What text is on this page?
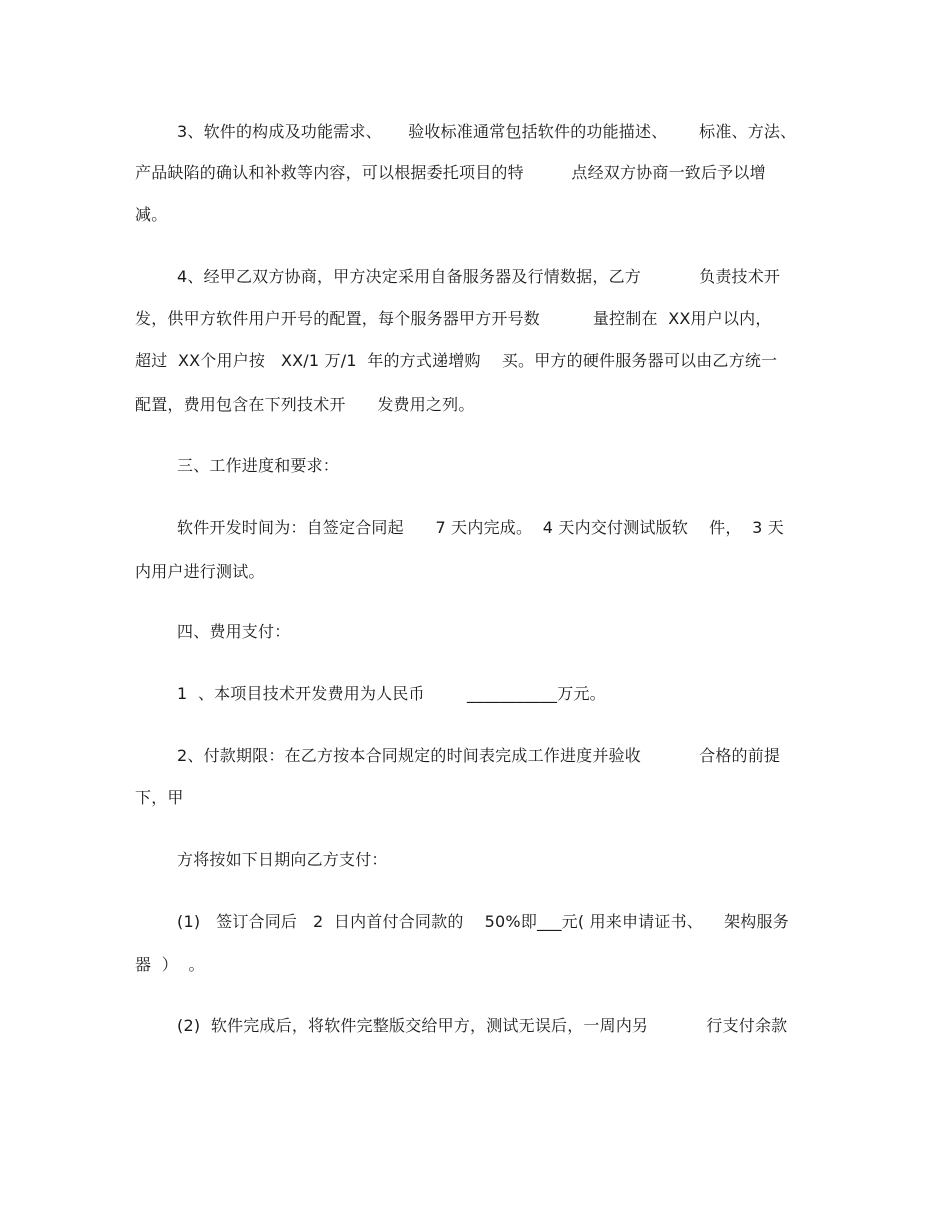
3、软件的构成及功能需求、     验收标准通常包括软件的功能描述、      标准、方法、
产品缺陷的确认和补救等内容，可以根据委托项目的特         点经双方协商一致后予以增
减。
4、经甲乙双方协商，甲方决定采用自备服务器及行情数据，乙方           负责技术开
发，供甲方软件用户开号的配置，每个服务器甲方开号数          量控制在  XX用户以内，
超过  XX个用户按   XX/1 万/1  年的方式递增购    买。甲方的硬件服务器可以由乙方统一
配置，费用包含在下列技术开      发费用之列。
三、工作进度和要求：
软件开发时间为：自签定合同起      7 天内完成。  4 天内交付测试版软    件，  3 天
内用户进行测试。
四、费用支付：
1  、本项目技术开发费用为人民币        ___________万元。
2、付款期限：在乙方按本合同规定的时间表完成工作进度并验收           合格的前提
下，甲
方将按如下日期向乙方支付：
(1)   签订合同后   2  日内首付合同款的    50%即___元( 用来申请证书、    架构服务
器  ）  。
(2)  软件完成后，将软件完整版交给甲方，测试无误后，一周内另           行支付余款
